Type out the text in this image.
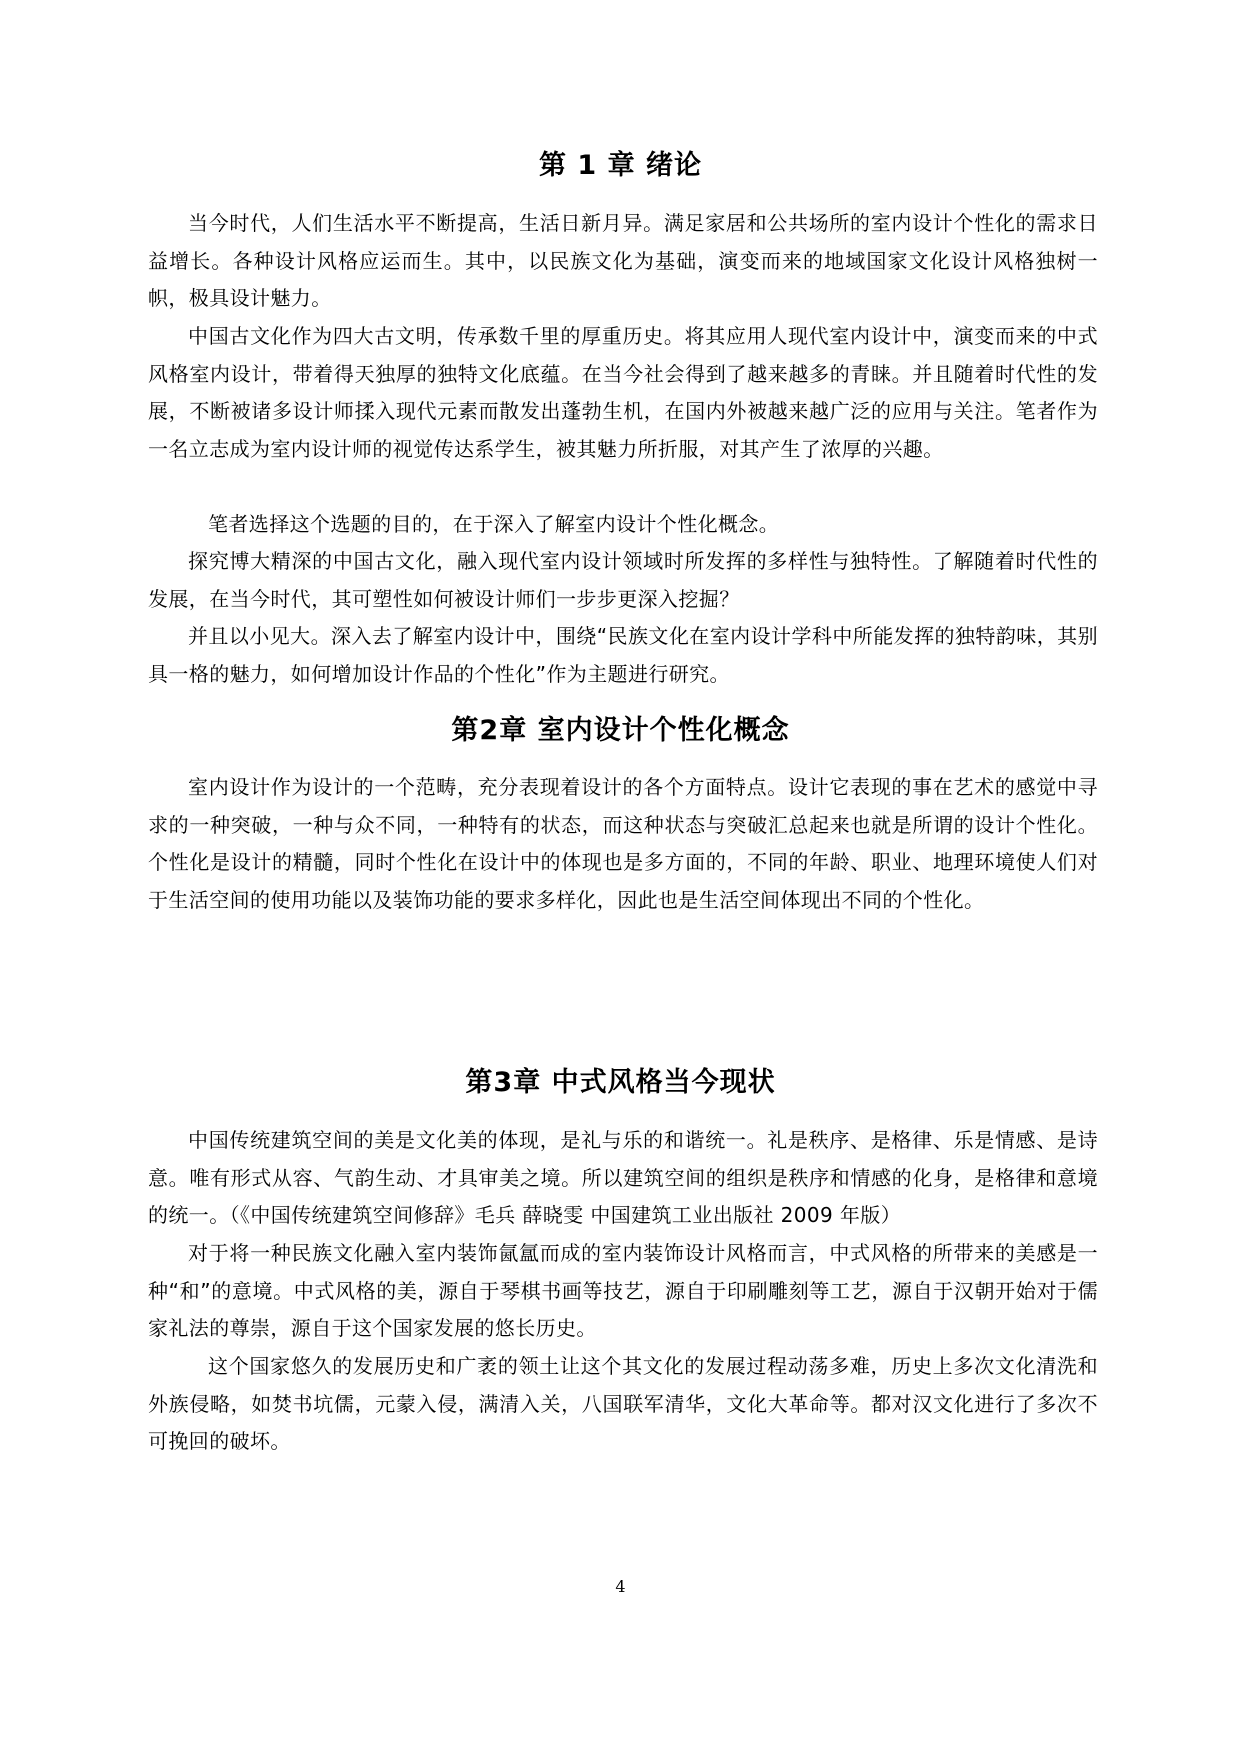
第 1 章 绪论

当今时代，人们生活水平不断提高，生活日新月异。满足家居和公共场所的室内设计个性化的需求日益增长。各种设计风格应运而生。其中，以民族文化为基础，演变而来的地域国家文化设计风格独树一帜，极具设计魅力。

中国古文化作为四大古文明，传承数千里的厚重历史。将其应用人现代室内设计中，演变而来的中式风格室内设计，带着得天独厚的独特文化底蕴。在当今社会得到了越来越多的青睐。并且随着时代性的发展，不断被诸多设计师揉入现代元素而散发出蓬勃生机，在国内外被越来越广泛的应用与关注。笔者作为一名立志成为室内设计师的视觉传达系学生，被其魅力所折服，对其产生了浓厚的兴趣。

笔者选择这个选题的目的，在于深入了解室内设计个性化概念。

探究博大精深的中国古文化，融入现代室内设计领域时所发挥的多样性与独特性。了解随着时代性的发展，在当今时代，其可塑性如何被设计师们一步步更深入挖掘？

并且以小见大。深入去了解室内设计中，围绕“民族文化在室内设计学科中所能发挥的独特韵味，其别具一格的魅力，如何增加设计作品的个性化”作为主题进行研究。

第2章 室内设计个性化概念

室内设计作为设计的一个范畴，充分表现着设计的各个方面特点。设计它表现的事在艺术的感觉中寻求的一种突破，一种与众不同，一种特有的状态，而这种状态与突破汇总起来也就是所谓的设计个性化。个性化是设计的精髓，同时个性化在设计中的体现也是多方面的，不同的年龄、职业、地理环境使人们对于生活空间的使用功能以及装饰功能的要求多样化，因此也是生活空间体现出不同的个性化。

第3章 中式风格当今现状

中国传统建筑空间的美是文化美的体现，是礼与乐的和谐统一。礼是秩序、是格律、乐是情感、是诗意。唯有形式从容、气韵生动、才具审美之境。所以建筑空间的组织是秩序和情感的化身，是格律和意境的统一。（《中国传统建筑空间修辞》毛兵 薛晓雯 中国建筑工业出版社 2009 年版）

对于将一种民族文化融入室内装饰氤氲而成的室内装饰设计风格而言，中式风格的所带来的美感是一种“和”的意境。中式风格的美，源自于琴棋书画等技艺，源自于印刷雕刻等工艺，源自于汉朝开始对于儒家礼法的尊崇，源自于这个国家发展的悠长历史。

这个国家悠久的发展历史和广袤的领土让这个其文化的发展过程动荡多难，历史上多次文化清洗和外族侵略，如焚书坑儒，元蒙入侵，满清入关，八国联军清华，文化大革命等。都对汉文化进行了多次不可挽回的破坏。

4
